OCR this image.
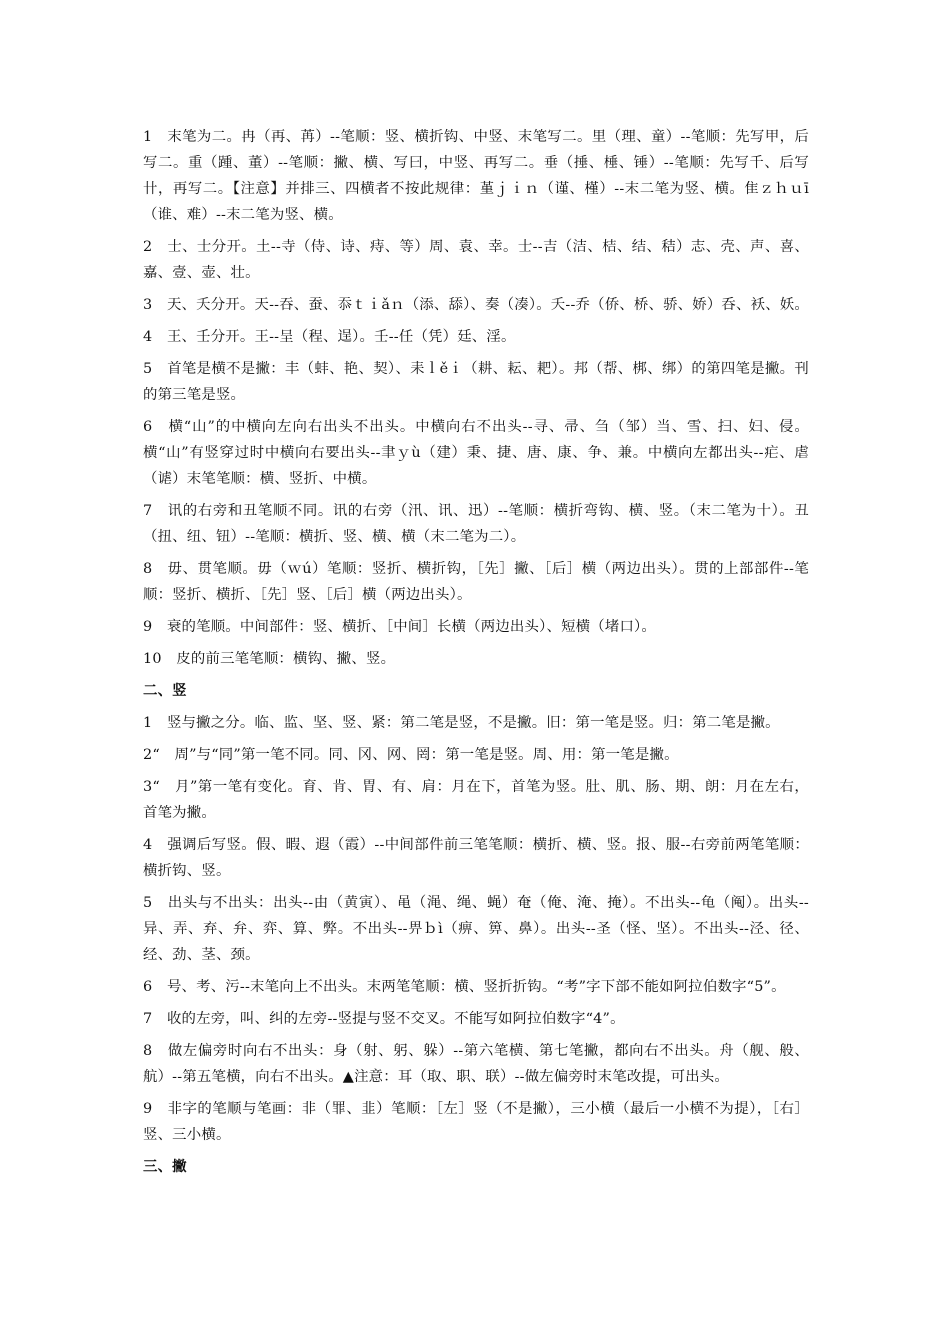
1　末笔为二。冉（再、苒）--笔顺：竖、横折钩、中竖、末笔写二。里（理、童）--笔顺：先写甲，后写二。重（踵、董）--笔顺：撇、横、写曰，中竖、再写二。垂（捶、棰、锤）--笔顺：先写千、后写卄，再写二。【注意】并排三、四横者不按此规律：堇ｊｉｎ（谨、槿）--末二笔为竖、横。隹ｚｈｕī（谁、难）--末二笔为竖、横。

2　士、士分开。土--寺（侍、诗、痔、等）周、袁、幸。士--吉（洁、桔、结、秸）志、壳、声、喜、嘉、壹、壶、壮。

3　天、夭分开。天--吞、蚕、忝ｔｉǎｎ（添、舔）、奏（凑）。夭--乔（侨、桥、骄、娇）呑、袄、妖。

4　王、壬分开。王--呈（程、逞）。壬--任（凭）廷、淫。

5　首笔是横不是撇：丰（蚌、艳、契）、耒ｌěｉ（耕、耘、耙）。邦（帮、梆、绑）的第四笔是撇。刊的第三笔是竖。

6　横“山”的中横向左向右出头不出头。中横向右不出头--寻、帚、刍（邹）当、雪、扫、妇、侵。横“山”有竖穿过时中横向右要出头--聿ｙù（建）秉、捷、唐、康、争、兼。中横向左都出头--疟、虐（谑）末笔笔顺：横、竖折、中横。

7　讯的右旁和丑笔顺不同。讯的右旁（汛、讯、迅）--笔顺：横折弯钩、横、竖。（末二笔为十）。丑（扭、纽、钮）--笔顺：横折、竖、横、横（末二笔为二）。

8　毋、贯笔顺。毋（ｗú）笔顺：竖折、横折钩，［先］撇、［后］横（两边出头）。贯的上部部件--笔顺：竖折、横折、［先］竖、［后］横（两边出头）。

9　衰的笔顺。中间部件：竖、横折、［中间］长横（两边出头）、短横（堵口）。

10　皮的前三笔笔顺：横钩、撇、竖。

二、竖

1　竖与撇之分。临、监、坚、竖、紧：第二笔是竖，不是撇。旧：第一笔是竖。归：第二笔是撇。

2“　周”与“同”第一笔不同。同、冈、网、罔：第一笔是竖。周、用：第一笔是撇。

3“　月”第一笔有变化。育、肯、胃、有、肩：月在下，首笔为竖。肚、肌、肠、期、朗：月在左右，首笔为撇。

4　强调后写竖。假、暇、遐（霞）--中间部件前三笔笔顺：横折、横、竖。报、服--右旁前两笔笔顺：横折钩、竖。

5　出头与不出头：出头--由（黄寅）、黾（渑、绳、蝇）奄（俺、淹、掩）。不出头--龟（阄）。出头--异、弄、弃、弁、弈、算、弊。不出头--畀ｂì（痹、箅、鼻）。出头--圣（怪、坚）。不出头--泾、径、经、劲、茎、颈。

6　号、考、污--末笔向上不出头。末两笔笔顺：横、竖折折钩。“考”字下部不能如阿拉伯数字“5”。

7　收的左旁，叫、纠的左旁--竖提与竖不交叉。不能写如阿拉伯数字“4”。

8　做左偏旁时向右不出头：身（射、躬、躲）--第六笔横、第七笔撇，都向右不出头。舟（舰、般、航）--第五笔横，向右不出头。▲注意：耳（取、职、联）--做左偏旁时末笔改提，可出头。

9　非字的笔顺与笔画：非（罪、韭）笔顺：［左］竖（不是撇），三小横（最后一小横不为提），［右］竖、三小横。

三、撇
